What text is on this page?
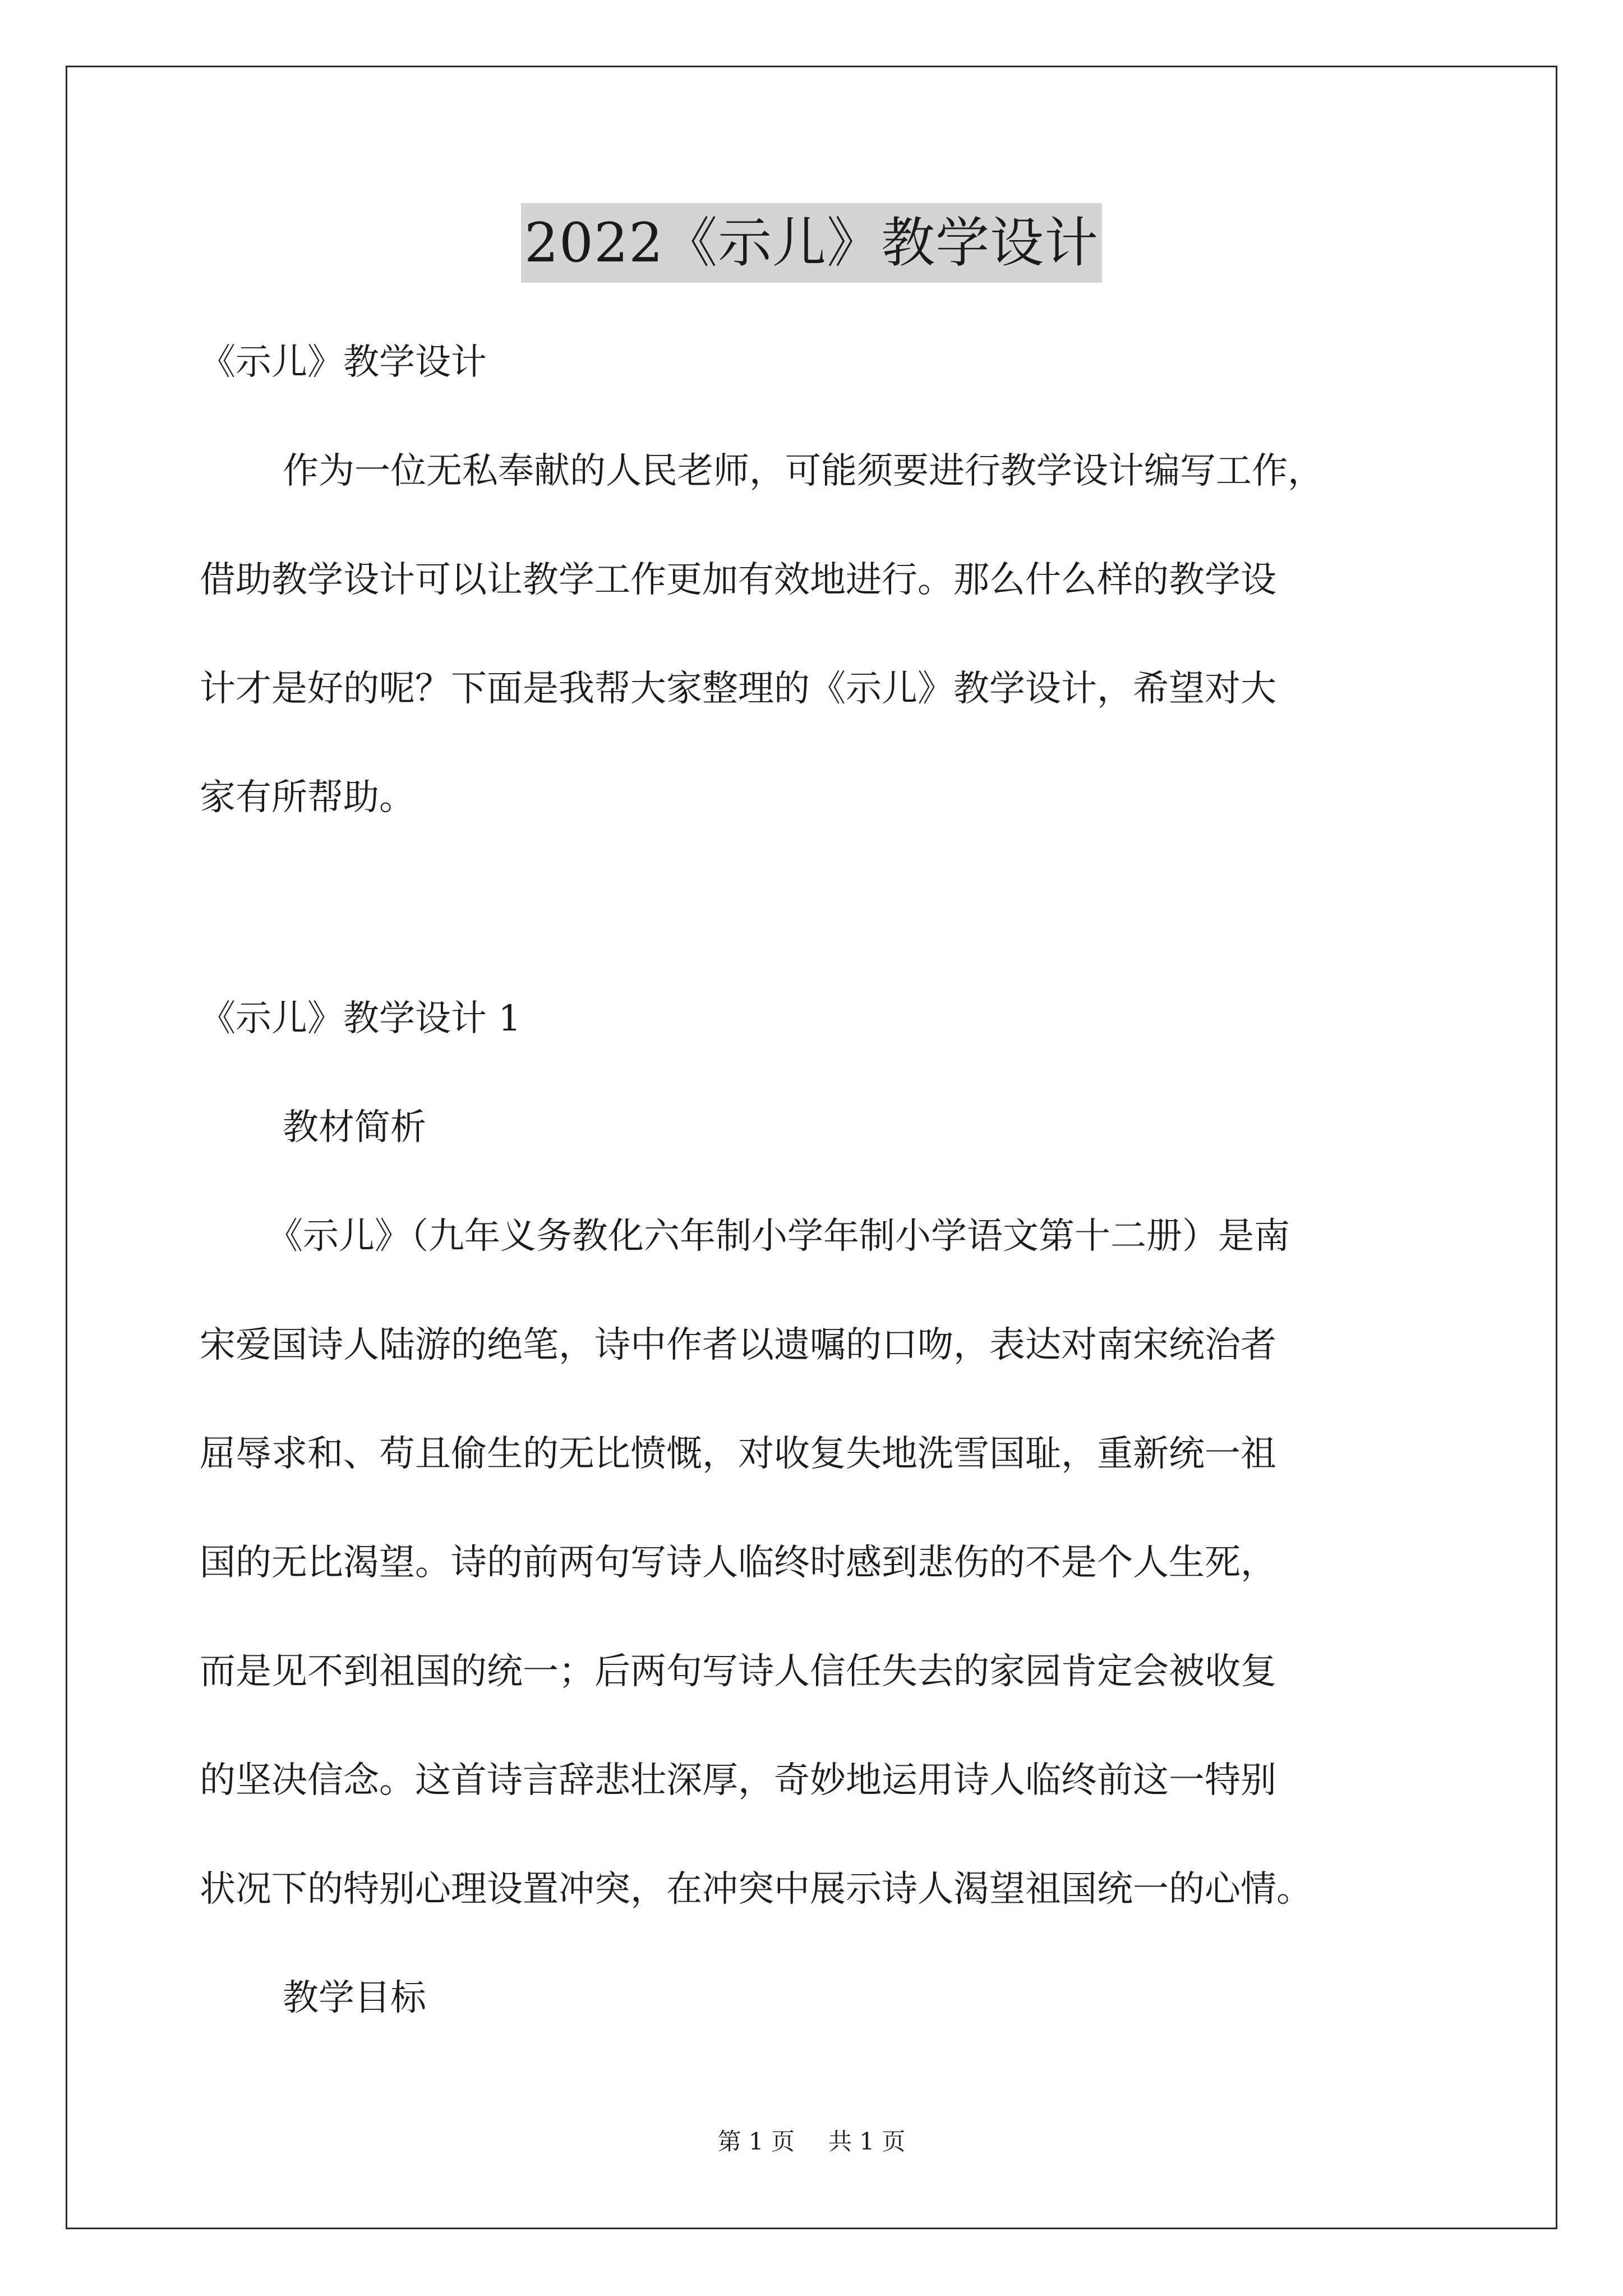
2022《示儿》教学设计

《示儿》教学设计

作为一位无私奉献的人民老师，可能须要进行教学设计编写工作，

借助教学设计可以让教学工作更加有效地进行。那么什么样的教学设

计才是好的呢？下面是我帮大家整理的《示儿》教学设计，希望对大

家有所帮助。

《示儿》教学设计 1

教材简析

《示儿》（九年义务教化六年制小学年制小学语文第十二册）是南

宋爱国诗人陆游的绝笔，诗中作者以遗嘱的口吻，表达对南宋统治者

屈辱求和、苟且偷生的无比愤慨，对收复失地洗雪国耻，重新统一祖

国的无比渴望。诗的前两句写诗人临终时感到悲伤的不是个人生死，

而是见不到祖国的统一；后两句写诗人信任失去的家园肯定会被收复

的坚决信念。这首诗言辞悲壮深厚，奇妙地运用诗人临终前这一特别

状况下的特别心理设置冲突，在冲突中展示诗人渴望祖国统一的心情。

教学目标

第 1 页 共 1 页
